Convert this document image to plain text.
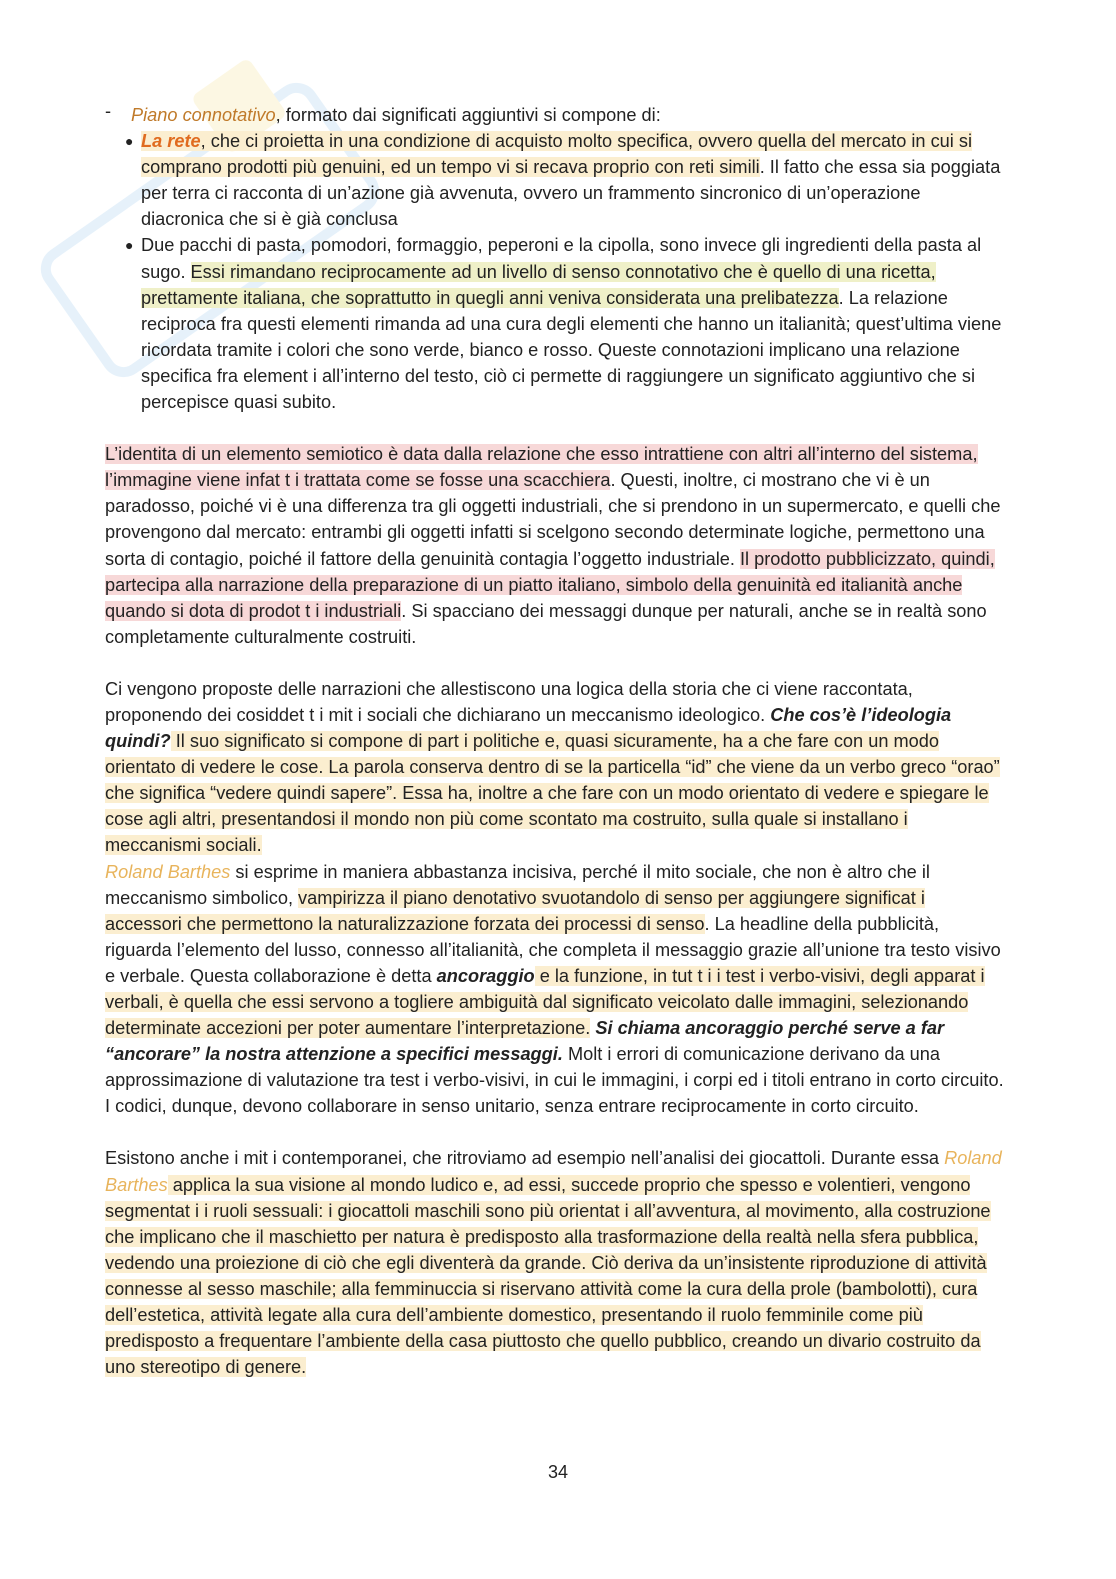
- Piano connotativo, formato dai significati aggiuntivi si compone di:

● La rete, che ci proietta in una condizione di acquisto molto specifica, ovvero quella del mercato in cui si comprano prodotti più genuini, ed un tempo vi si recava proprio con reti simili. Il fatto che essa sia poggiata per terra ci racconta di un’azione già avvenuta, ovvero un frammento sincronico di un’operazione diacronica che si è già conclusa
● Due pacchi di pasta, pomodori, formaggio, peperoni e la cipolla, sono invece gli ingredienti della pasta al sugo. Essi rimandano reciprocamente ad un livello di senso connotativo che è quello di una ricetta, prettamente italiana, che soprattutto in quegli anni veniva considerata una prelibatezza. La relazione reciproca fra questi elementi rimanda ad una cura degli elementi che hanno un italianità; quest’ultima viene ricordata tramite i colori che sono verde, bianco e rosso. Queste connotazioni implicano una relazione specifica fra element i all’interno del testo, ciò ci permette di raggiungere un significato aggiuntivo che si percepisce quasi subito.

L’identita di un elemento semiotico è data dalla relazione che esso intrattiene con altri all’interno del sistema, l’immagine viene infat t i trattata come se fosse una scacchiera. Questi, inoltre, ci mostrano che vi è un paradosso, poiché vi è una differenza tra gli oggetti industriali, che si prendono in un supermercato, e quelli che provengono dal mercato: entrambi gli oggetti infatti si scelgono secondo determinate logiche, permettono una sorta di contagio, poiché il fattore della genuinità contagia l’oggetto industriale. Il prodotto pubblicizzato, quindi, partecipa alla narrazione della preparazione di un piatto italiano, simbolo della genuinità ed italianità anche quando si dota di prodot t i industriali. Si spacciano dei messaggi dunque per naturali, anche se in realtà sono completamente culturalmente costruiti.

Ci vengono proposte delle narrazioni che allestiscono una logica della storia che ci viene raccontata, proponendo dei cosiddet t i mit i sociali che dichiarano un meccanismo ideologico. Che cos’è l’ideologia quindi? Il suo significato si compone di part i politiche e, quasi sicuramente, ha a che fare con un modo orientato di vedere le cose. La parola conserva dentro di se la particella “id” che viene da un verbo greco “orao” che significa “vedere quindi sapere”. Essa ha, inoltre a che fare con un modo orientato di vedere e spiegare le cose agli altri, presentandosi il mondo non più come scontato ma costruito, sulla quale si installano i meccanismi sociali.

Roland Barthes si esprime in maniera abbastanza incisiva, perché il mito sociale, che non è altro che il meccanismo simbolico, vampirizza il piano denotativo svuotandolo di senso per aggiungere significat i accessori che permettono la naturalizzazione forzata dei processi di senso. La headline della pubblicità, riguarda l’elemento del lusso, connesso all’italianità, che completa il messaggio grazie all’unione tra testo visivo e verbale. Questa collaborazione è detta ancoraggio e la funzione, in tut t i i test i verbo-visivi, degli apparat i verbali, è quella che essi servono a togliere ambiguità dal significato veicolato dalle immagini, selezionando determinate accezioni per poter aumentare l’interpretazione. Si chiama ancoraggio perché serve a far “ancorare” la nostra attenzione a specifici messaggi. Molt i errori di comunicazione derivano da una approssimazione di valutazione tra test i verbo-visivi, in cui le immagini, i corpi ed i titoli entrano in corto circuito. I codici, dunque, devono collaborare in senso unitario, senza entrare reciprocamente in corto circuito.

Esistono anche i mit i contemporanei, che ritroviamo ad esempio nell’analisi dei giocattoli. Durante essa Roland Barthes applica la sua visione al mondo ludico e, ad essi, succede proprio che spesso e volentieri, vengono segmentat i i ruoli sessuali: i giocattoli maschili sono più orientat i all’avventura, al movimento, alla costruzione che implicano che il maschietto per natura è predisposto alla trasformazione della realtà nella sfera pubblica, vedendo una proiezione di ciò che egli diventerà da grande. Ciò deriva da un’insistente riproduzione di attività connesse al sesso maschile; alla femminuccia si riservano attività come la cura della prole (bambolotti), cura dell’estetica, attività legate alla cura dell’ambiente domestico, presentando il ruolo femminile come più predisposto a frequentare l’ambiente della casa piuttosto che quello pubblico, creando un divario costruito da uno stereotipo di genere.

34
